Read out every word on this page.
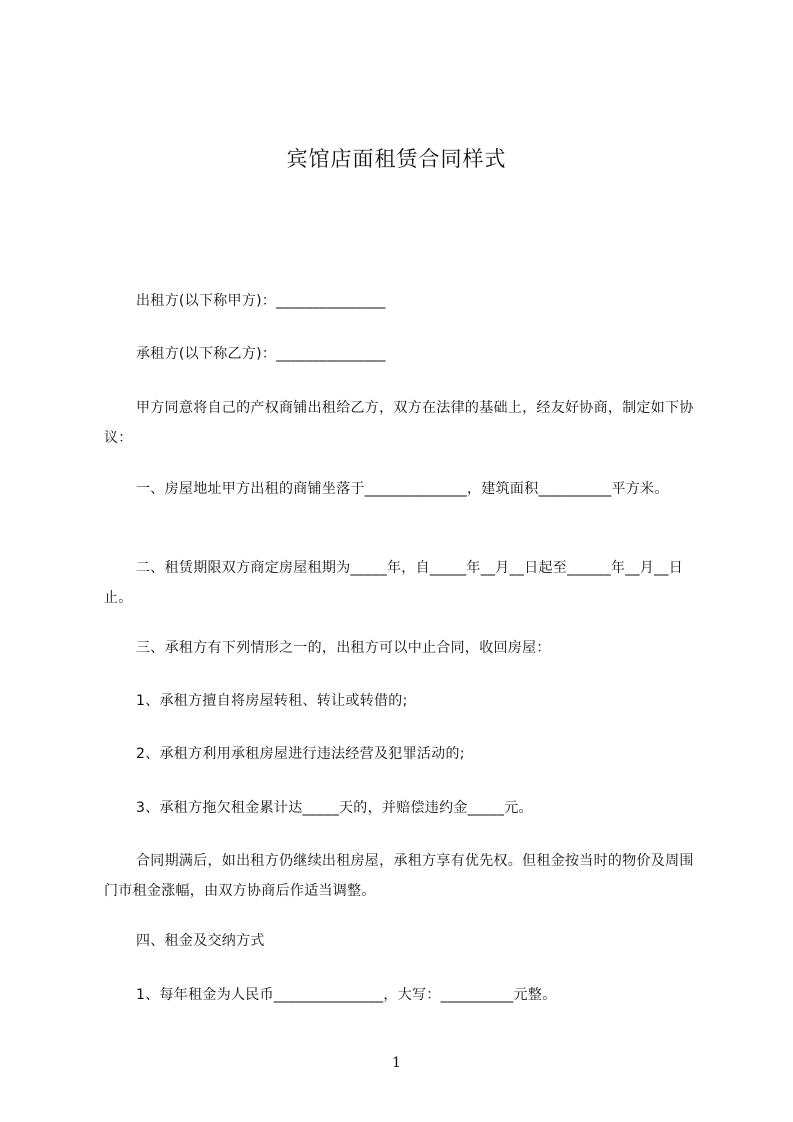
宾馆店面租赁合同样式
出租方(以下称甲方)：_______________
承租方(以下称乙方)：_______________
甲方同意将自己的产权商铺出租给乙方，双方在法律的基础上，经友好协商，制定如下协议：
一、房屋地址甲方出租的商铺坐落于______________，建筑面积__________平方米。
二、租赁期限双方商定房屋租期为_____年，自_____年__月__日起至______年__月__日止。
三、承租方有下列情形之一的，出租方可以中止合同，收回房屋：
1、承租方擅自将房屋转租、转让或转借的;
2、承租方利用承租房屋进行违法经营及犯罪活动的;
3、承租方拖欠租金累计达_____天的，并赔偿违约金_____元。
合同期满后，如出租方仍继续出租房屋，承租方享有优先权。但租金按当时的物价及周围门市租金涨幅，由双方协商后作适当调整。
四、租金及交纳方式
1、每年租金为人民币_______________，大写：__________元整。
1
